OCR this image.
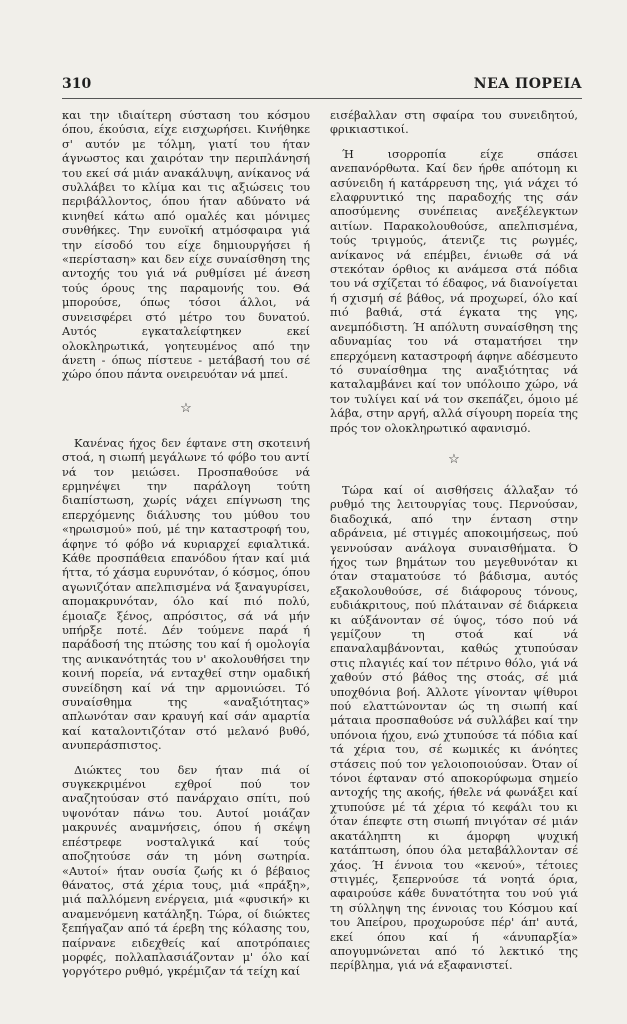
310	ΝΕΑ ΠΟΡΕΙΑ

και την ιδιαίτερη σύσταση του κόσμου όπου, έκούσια, είχε εισχωρήσει. Κινήθηκε σ' αυτόν με τόλμη, γιατί του ήταν άγνωστος και χαιρόταν την περιπλάνησή του εκεί σά μιάν ανακάλυψη, ανίκανος νά συλλάβει το κλίμα και τις αξιώσεις του περιβάλλοντος, όπου ήταν αδύνατο νά κινηθεί κάτω από ομαλές και μόνιμες συνθήκες. Την ευνοϊκή ατμόσφαιρα γιά την είσοδό του είχε δημιουργήσει ή «περίσταση» και δεν είχε συναίσθηση της αντοχής του γιά νά ρυθμίσει μέ άνεση τούς όρους της παραμονής του. Θά μπορούσε, όπως τόσοι άλλοι, νά συνεισφέρει στό μέτρο του δυνατού. Αυτός εγκαταλείφτηκεν εκεί ολοκληρωτικά, γοητευμένος από την άνετη - όπως πίστευε - μετάβασή του σέ χώρο όπου πάντα ονειρευόταν νά μπεί.

☆

Κανένας ήχος δεν έφτανε στη σκοτεινή στοά, η σιωπή μεγάλωνε τό φόβο του αντί νά τον μειώσει. Προσπαθούσε νά ερμηνέψει την παράλογη τούτη διαπίστωση, χωρίς νάχει επίγνωση της επερχόμενης διάλυσης του μύθου του «ηρωισμού» πού, μέ την καταστροφή του, άφηνε τό φόβο νά κυριαρχεί εφιαλτικά. Κάθε προσπάθεια επανόδου ήταν καί μιά ήττα, τό χάσμα ευρυνόταν, ό κόσμος, όπου αγωνιζόταν απελπισμένα νά ξαναγυρίσει, απομακρυνόταν, όλο καί πιό πολύ, έμοιαζε ξένος, απρόσιτος, σά νά μήν υπήρξε ποτέ. Δέν τούμενε παρά ή παράδοσή της πτώσης του καί ή ομολογία της ανικανότητάς του ν' ακολουθήσει την κοινή πορεία, νά ενταχθεί στην ομαδική συνείδηση καί νά την αρμονιώσει. Τό συναίσθημα της «αναξιότητας» απλωνόταν σαν κραυγή καί σάν αμαρτία καί καταλοντιζόταν στό μελανό βυθό, ανυπεράσπιστος.

Διώκτες του δεν ήταν πιά οί συγκεκριμένοι εχθροί πού τον αναζητούσαν στό πανάρχαιο σπίτι, πού υψονόταν πάνω του. Αυτοί μοιάζαν μακρυνές αναμνήσεις, όπου ή σκέψη επέστρεφε νοσταλγικά καί τούς αποζητούσε σάν τη μόνη σωτηρία. «Αυτοί» ήταν ουσία ζωής κι ό βέβαιος θάνατος, στά χέρια τους, μιά «πράξη», μιά παλλόμενη ενέργεια, μιά «φυσική» κι αναμενόμενη κατάληξη. Τώρα, οί διώκτες ξεπήγαζαν από τά έρεβη της κόλασης του, παίρνανε ειδεχθείς καί αποτρόπαιες μορφές, πολλαπλασιάζονταν μ' όλο καί γοργότερο ρυθμό, γκρέμιζαν τά τείχη καί

εισέβαλλαν στη σφαίρα του συνειδητού, φρικιαστικοί.

Ή ισορροπία είχε σπάσει ανεπανόρθωτα. Καί δεν ήρθε απότομη κι ασύνειδη ή κατάρρευση της, γιά νάχει τό ελαφρυντικό της παραδοχής της σάν αποσύμενης συνέπειας ανεξέλεγκτων αιτίων. Παρακολουθούσε, απελπισμένα, τούς τριγμούς, άτενιζε τις ρωγμές, ανίκανος νά επέμβει, ένιωθε σά νά στεκόταν όρθιος κι ανάμεσα στά πόδια του νά σχίζεται τό έδαφος, νά διανοίγεται ή σχισμή σέ βάθος, νά προχωρεί, όλο καί πιό βαθιά, στά έγκατα της γης, ανεμπόδιστη. Ή απόλυτη συναίσθηση της αδυναμίας του νά σταματήσει την επερχόμενη καταστροφή άφηνε αδέσμευτο τό συναίσθημα της αναξιότητας νά καταλαμβάνει καί τον υπόλοιπο χώρο, νά τον τυλίγει καί νά τον σκεπάζει, όμοιο μέ λάβα, στην αργή, αλλά σίγουρη πορεία της πρός τον ολοκληρωτικό αφανισμό.

☆

Τώρα καί οί αισθήσεις άλλαξαν τό ρυθμό της λειτουργίας τους. Περνούσαν, διαδοχικά, από την ένταση στην αδράνεια, μέ στιγμές αποκοιμήσεως, πού γεννούσαν ανάλογα συναισθήματα. Ό ήχος των βημάτων του μεγεθυνόταν κι όταν σταματούσε τό βάδισμα, αυτός εξακολουθούσε, σέ διάφορους τόνους, ευδιάκριτους, πού πλάταιναν σέ διάρκεια κι αύξάνονταν σέ ύψος, τόσο πού νά γεμίζουν τη στοά καί νά επαναλαμβάνονται, καθώς χτυπούσαν στις πλαγιές καί τον πέτρινο θόλο, γιά νά χαθούν στό βάθος της στοάς, σέ μιά υποχθόνια βοή. Άλλοτε γίνονταν ψίθυροι πού ελαττώνονταν ώς τη σιωπή καί μάταια προσπαθούσε νά συλλάβει καί την υπόνοια ήχου, ενώ χτυπούσε τά πόδια καί τά χέρια του, σέ κωμικές κι άνόητες στάσεις πού τον γελοιοποιούσαν. Όταν οί τόνοι έφταναν στό αποκορύφωμα σημείο αντοχής της ακοής, ήθελε νά φωνάξει καί χτυπούσε μέ τά χέρια τό κεφάλι του κι όταν έπεφτε στη σιωπή πνιγόταν σέ μιάν ακατάληπτη κι άμορφη ψυχική κατάπτωση, όπου όλα μεταβάλλονταν σέ χάος. Ή έννοια του «κενού», τέτοιες στιγμές, ξεπερνούσε τά νοητά όρια, αφαιρούσε κάθε δυνατότητα του νού γιά τη σύλληψη της έννοιας του Κόσμου καί του Άπείρου, προχωρούσε πέρ' άπ' αυτά, εκεί όπου καί ή «άνυπαρξία» απογυμνώνεται από τό λεκτικό της περίβλημα, γιά νά εξαφανιστεί.
